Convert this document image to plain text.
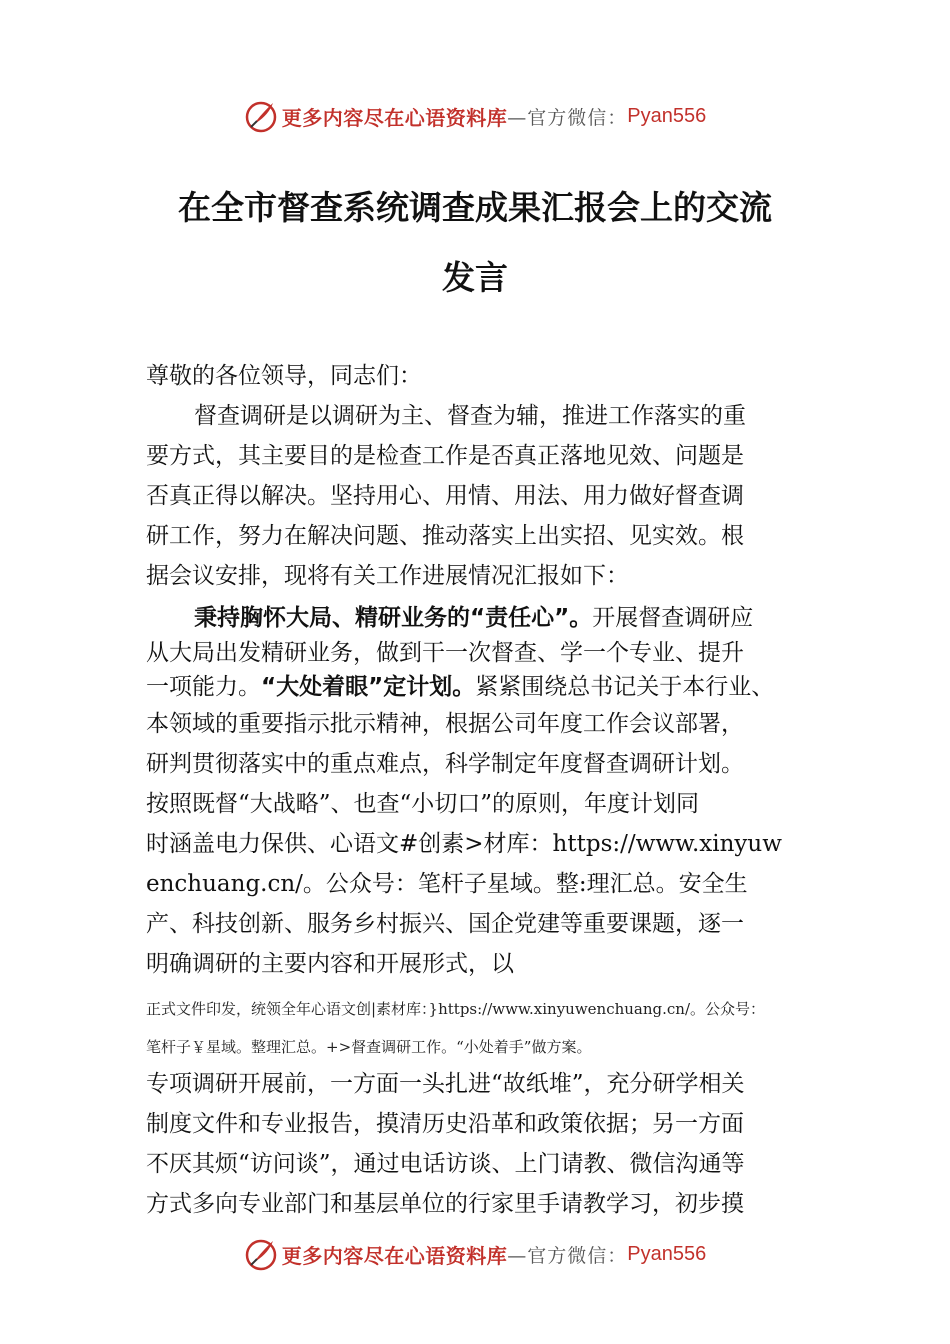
更多内容尽在心语资料库 —官方微信： Pyan556
在全市督查系统调查成果汇报会上的交流
发言
尊敬的各位领导，同志们：
督查调研是以调研为主、督查为辅，推进工作落实的重
要方式，其主要目的是检查工作是否真正落地见效、问题是
否真正得以解决。坚持用心、用情、用法、用力做好督查调
研工作，努力在解决问题、推动落实上出实招、见实效。根
据会议安排，现将有关工作进展情况汇报如下：
秉持胸怀大局、精研业务的“责任心”。开展督查调研应
从大局出发精研业务，做到干一次督查、学一个专业、提升
一项能力。“大处着眼”定计划。紧紧围绕总书记关于本行业、
本领域的重要指示批示精神，根据公司年度工作会议部署，
研判贯彻落实中的重点难点，科学制定年度督查调研计划。
按照既督“大战略”、也查“小切口”的原则，年度计划同
时涵盖电力保供、心语文#创素>材库：https://www.xinyuw
enchuang.cn/。公众号：笔杆子星域。整:理汇总。安全生
产、科技创新、服务乡村振兴、国企党建等重要课题，逐一
明确调研的主要内容和开展形式，以
正式文件印发，统领全年心语文创|素材库：}https://www.xinyuwenchuang.cn/。公众号：
笔杆子￥星域。整理汇总。+>督查调研工作。“小处着手”做方案。
专项调研开展前，一方面一头扎进“故纸堆”，充分研学相关
制度文件和专业报告，摸清历史沿革和政策依据；另一方面
不厌其烦“访问谈”，通过电话访谈、上门请教、微信沟通等
方式多向专业部门和基层单位的行家里手请教学习，初步摸
更多内容尽在心语资料库 —官方微信： Pyan556
